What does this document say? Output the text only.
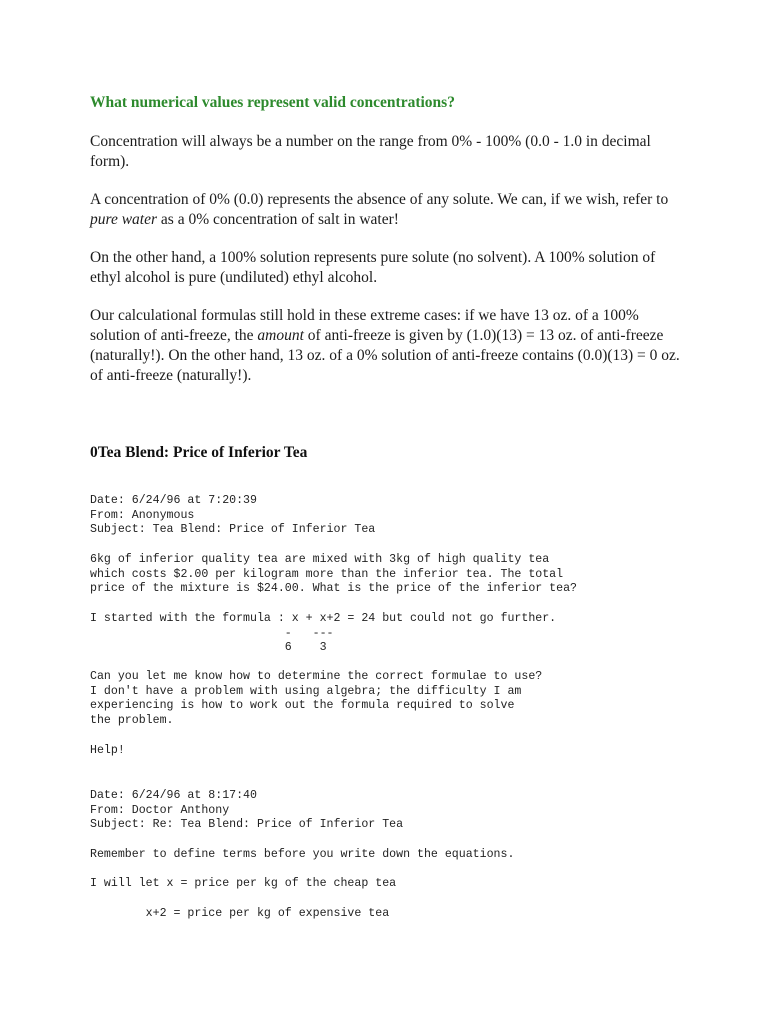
What numerical values represent valid concentrations?

Concentration will always be a number on the range from 0% - 100% (0.0 - 1.0 in decimal form).

A concentration of 0% (0.0) represents the absence of any solute. We can, if we wish, refer to pure water as a 0% concentration of salt in water!

On the other hand, a 100% solution represents pure solute (no solvent). A 100% solution of ethyl alcohol is pure (undiluted) ethyl alcohol.

Our calculational formulas still hold in these extreme cases: if we have 13 oz. of a 100% solution of anti-freeze, the amount of anti-freeze is given by (1.0)(13) = 13 oz. of anti-freeze (naturally!). On the other hand, 13 oz. of a 0% solution of anti-freeze contains (0.0)(13) = 0 oz. of anti-freeze (naturally!).

0Tea Blend: Price of Inferior Tea
Date: 6/24/96 at 7:20:39
From: Anonymous
Subject: Tea Blend: Price of Inferior Tea
6kg of inferior quality tea are mixed with 3kg of high quality tea
which costs $2.00 per kilogram more than the inferior tea. The total
price of the mixture is $24.00. What is the price of the inferior tea?
I started with the formula : x + x+2 = 24 but could not go further.
-   ---
6    3
Can you let me know how to determine the correct formulae to use?
I don't have a problem with using algebra; the difficulty I am
experiencing is how to work out the formula required to solve
the problem.
Help!
Date: 6/24/96 at 8:17:40
From: Doctor Anthony
Subject: Re: Tea Blend: Price of Inferior Tea
Remember to define terms before you write down the equations.
I will let x = price per kg of the cheap tea
x+2 = price per kg of expensive tea
